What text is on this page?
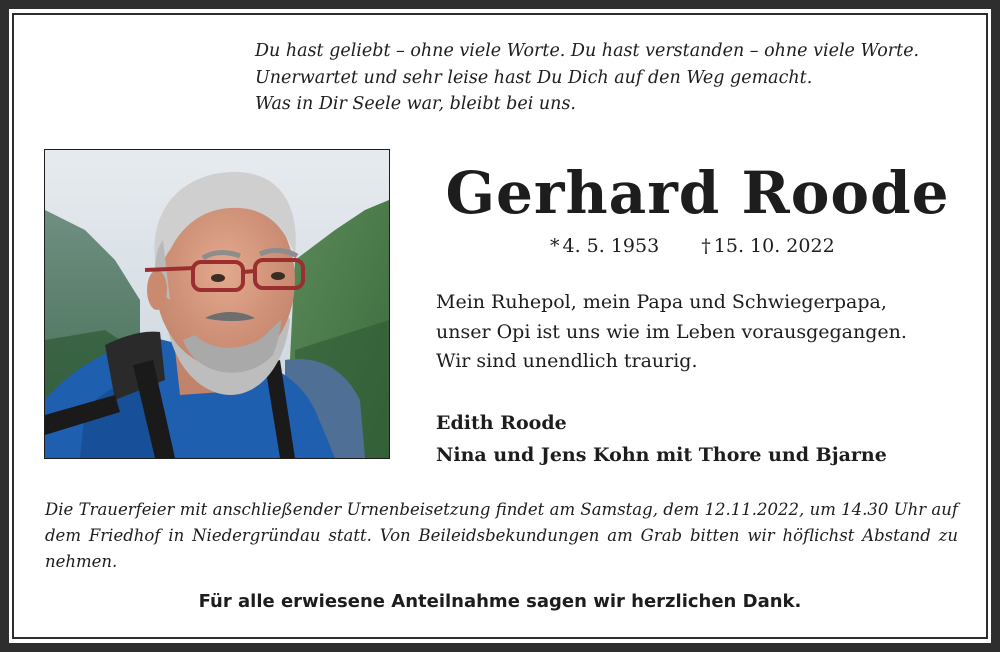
Du hast geliebt – ohne viele Worte. Du hast verstanden – ohne viele Worte.
Unerwartet und sehr leise hast Du Dich auf den Weg gemacht.
Was in Dir Seele war, bleibt bei uns.
Gerhard Roode
* 4. 5. 1953 † 15. 10. 2022
Mein Ruhepol, mein Papa und Schwiegerpapa,
unser Opi ist uns wie im Leben vorausgegangen.
Wir sind unendlich traurig.
Edith Roode
Nina und Jens Kohn mit Thore und Bjarne
Die Trauerfeier mit anschließender Urnenbeisetzung findet am Samstag, dem 12.11.2022, um 14.30 Uhr auf dem Friedhof in Niedergründau statt. Von Beileidsbekundungen am Grab bitten wir höflichst Abstand zu nehmen.
Für alle erwiesene Anteilnahme sagen wir herzlichen Dank.
